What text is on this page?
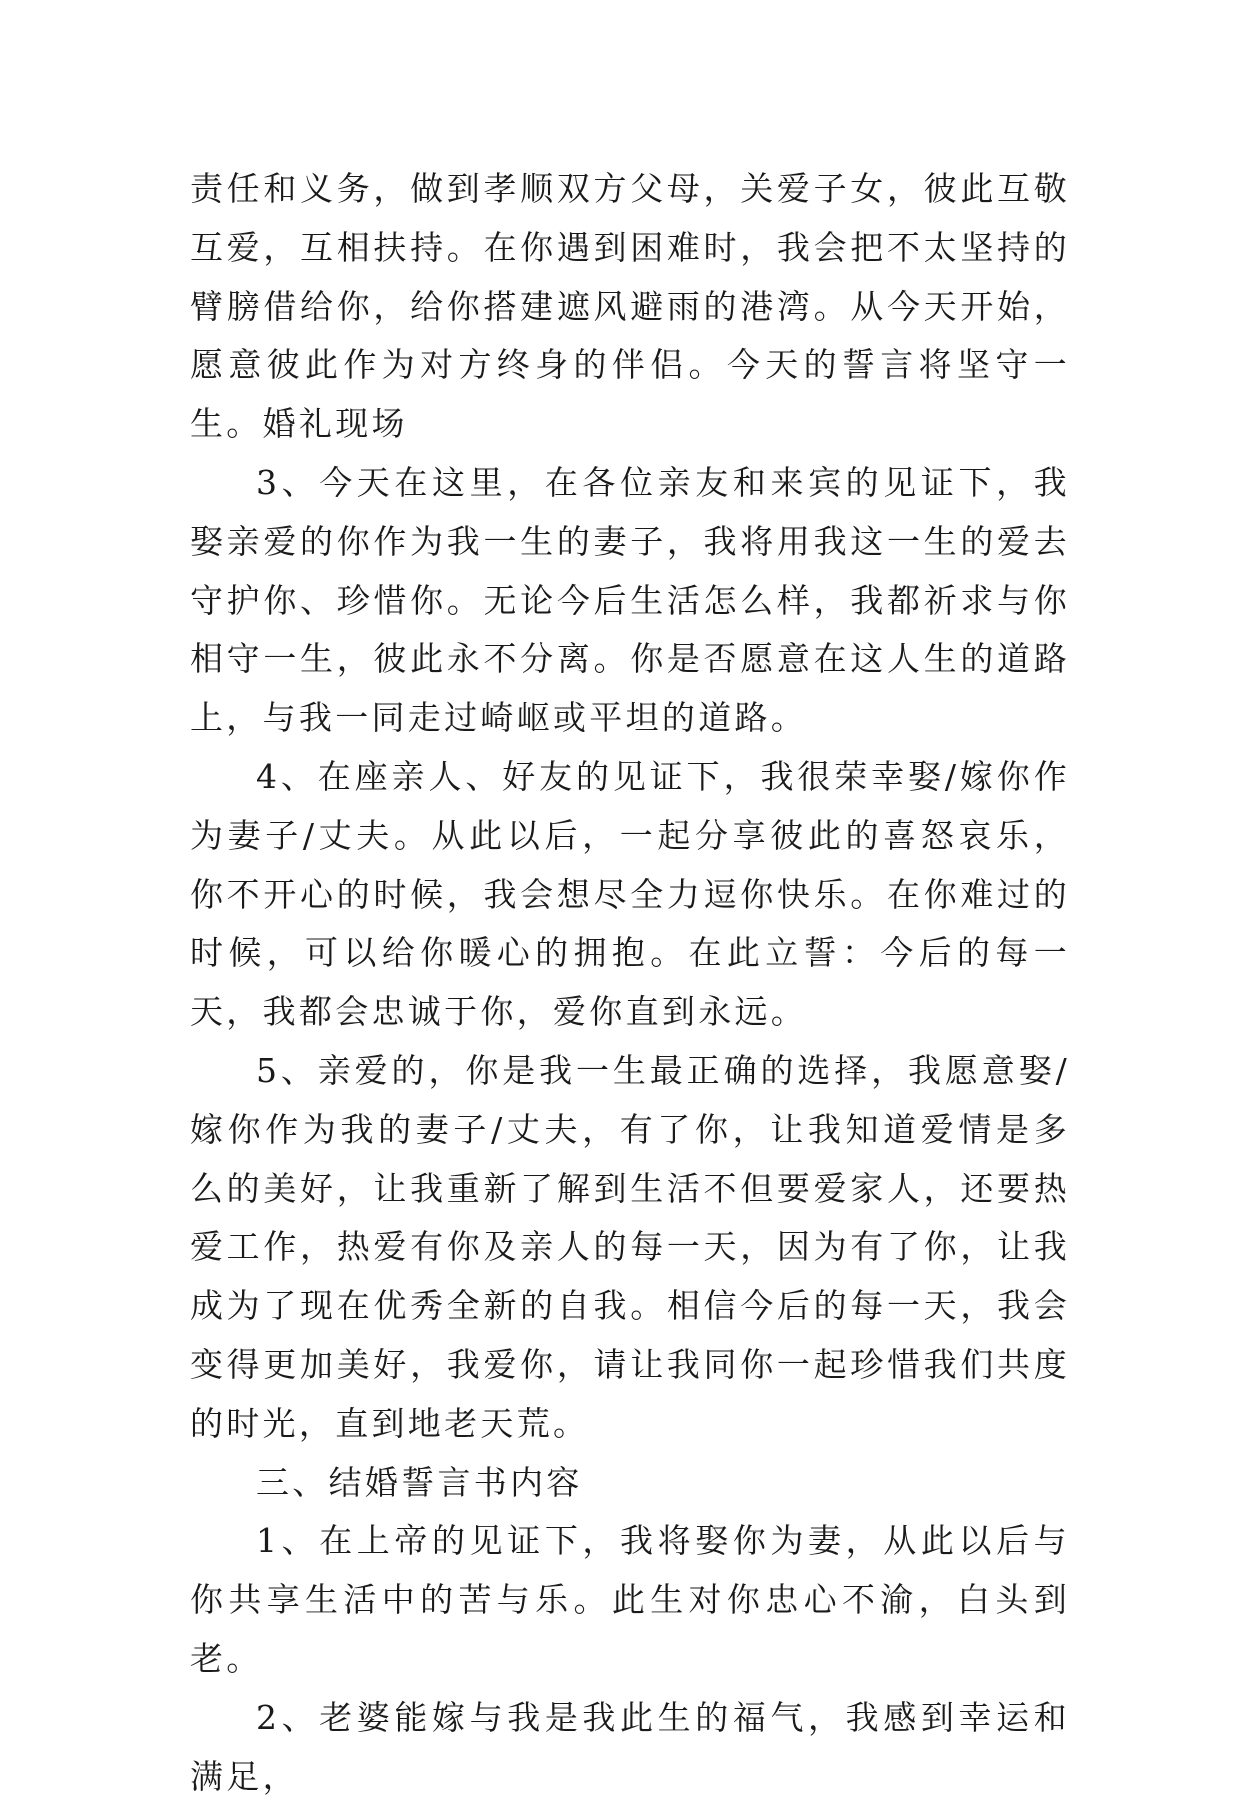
责任和义务，做到孝顺双方父母，关爱子女，彼此互敬互爱，互相扶持。在你遇到困难时，我会把不太坚持的臂膀借给你，给你搭建遮风避雨的港湾。从今天开始，愿意彼此作为对方终身的伴侣。今天的誓言将坚守一生。婚礼现场

3、今天在这里，在各位亲友和来宾的见证下，我娶亲爱的你作为我一生的妻子，我将用我这一生的爱去守护你、珍惜你。无论今后生活怎么样，我都祈求与你相守一生，彼此永不分离。你是否愿意在这人生的道路上，与我一同走过崎岖或平坦的道路。

4、在座亲人、好友的见证下，我很荣幸娶/嫁你作为妻子/丈夫。从此以后，一起分享彼此的喜怒哀乐，你不开心的时候，我会想尽全力逗你快乐。在你难过的时候，可以给你暖心的拥抱。在此立誓：今后的每一天，我都会忠诚于你，爱你直到永远。

5、亲爱的，你是我一生最正确的选择，我愿意娶/嫁你作为我的妻子/丈夫，有了你，让我知道爱情是多么的美好，让我重新了解到生活不但要爱家人，还要热爱工作，热爱有你及亲人的每一天，因为有了你，让我成为了现在优秀全新的自我。相信今后的每一天，我会变得更加美好，我爱你，请让我同你一起珍惜我们共度的时光，直到地老天荒。

三、结婚誓言书内容

1、在上帝的见证下，我将娶你为妻，从此以后与你共享生活中的苦与乐。此生对你忠心不渝，白头到老。

2、老婆能嫁与我是我此生的福气，我感到幸运和满足，
